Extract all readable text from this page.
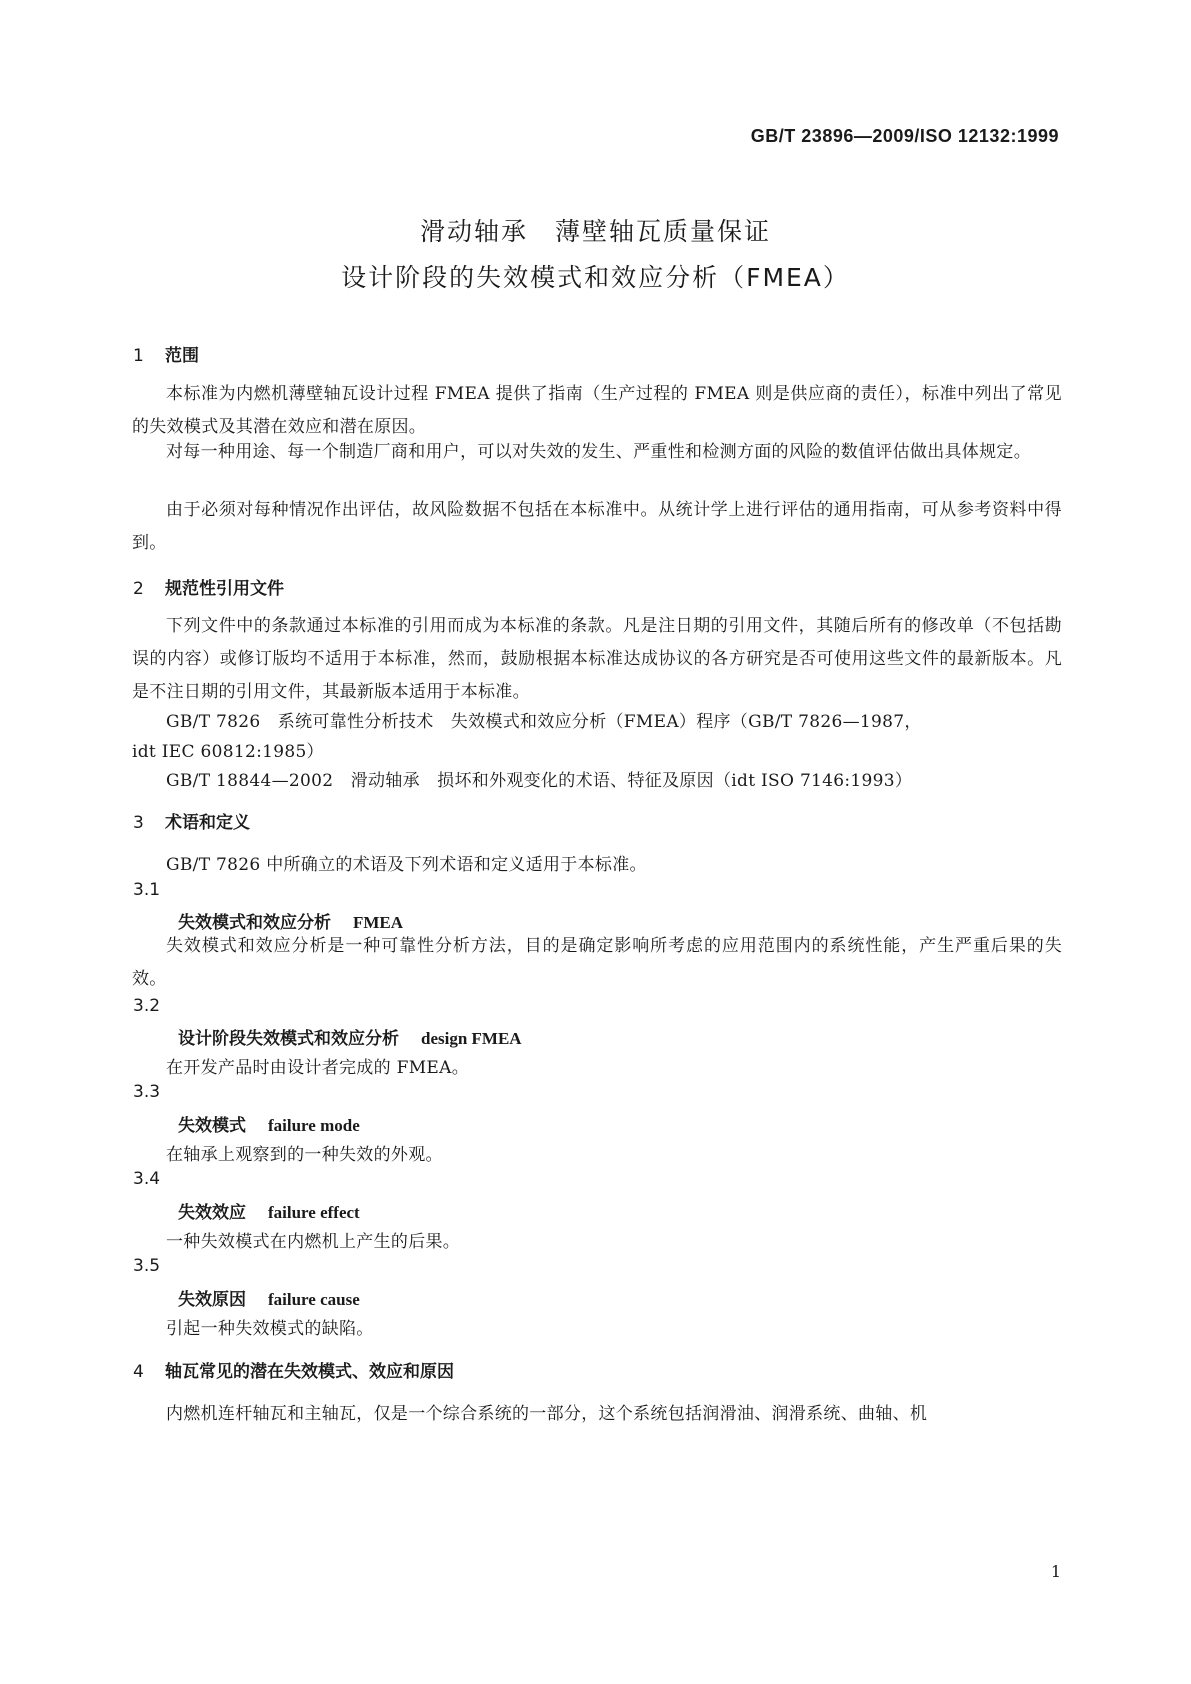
GB/T 23896—2009/ISO 12132:1999
滑动轴承　薄壁轴瓦质量保证
设计阶段的失效模式和效应分析（FMEA）
1 范围
本标准为内燃机薄壁轴瓦设计过程 FMEA 提供了指南（生产过程的 FMEA 则是供应商的责任），标准中列出了常见的失效模式及其潜在效应和潜在原因。
对每一种用途、每一个制造厂商和用户，可以对失效的发生、严重性和检测方面的风险的数值评估做出具体规定。
由于必须对每种情况作出评估，故风险数据不包括在本标准中。从统计学上进行评估的通用指南，可从参考资料中得到。
2 规范性引用文件
下列文件中的条款通过本标准的引用而成为本标准的条款。凡是注日期的引用文件，其随后所有的修改单（不包括勘误的内容）或修订版均不适用于本标准，然而，鼓励根据本标准达成协议的各方研究是否可使用这些文件的最新版本。凡是不注日期的引用文件，其最新版本适用于本标准。
GB/T 7826　系统可靠性分析技术　失效模式和效应分析（FMEA）程序（GB/T 7826—1987，
idt IEC 60812:1985）
GB/T 18844—2002　滑动轴承　损坏和外观变化的术语、特征及原因（idt ISO 7146:1993）
3 术语和定义
GB/T 7826 中所确立的术语及下列术语和定义适用于本标准。
3.1
失效模式和效应分析 FMEA
失效模式和效应分析是一种可靠性分析方法，目的是确定影响所考虑的应用范围内的系统性能，产生严重后果的失效。
3.2
设计阶段失效模式和效应分析 design FMEA
在开发产品时由设计者完成的 FMEA。
3.3
失效模式 failure mode
在轴承上观察到的一种失效的外观。
3.4
失效效应 failure effect
一种失效模式在内燃机上产生的后果。
3.5
失效原因 failure cause
引起一种失效模式的缺陷。
4 轴瓦常见的潜在失效模式、效应和原因
内燃机连杆轴瓦和主轴瓦，仅是一个综合系统的一部分，这个系统包括润滑油、润滑系统、曲轴、机
1
